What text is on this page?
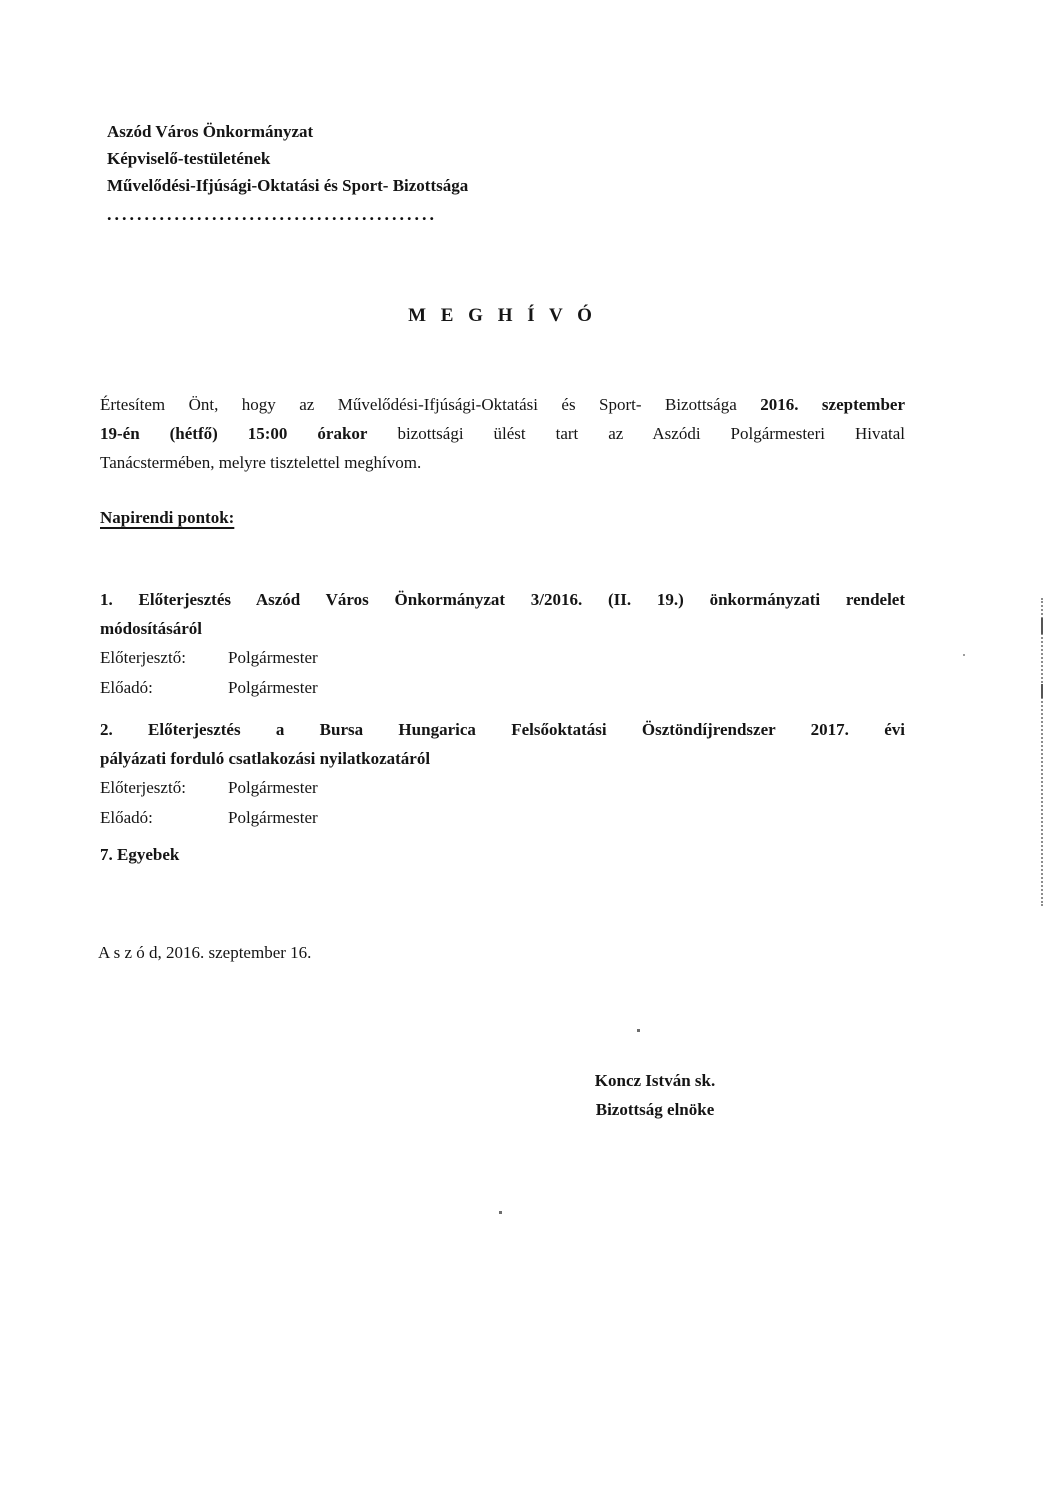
Aszód Város Önkormányzat
Képviselő-testületének
Művelődési-Ifjúsági-Oktatási és Sport- Bizottsága
............................................
M E G H Í V Ó
Értesítem Önt, hogy az Művelődési-Ifjúsági-Oktatási és Sport- Bizottsága 2016. szeptember
19-én (hétfő) 15:00 órakor bizottsági ülést tart az Aszódi Polgármesteri Hivatal
Tanácstermében, melyre tisztelettel meghívom.
Napirendi pontok:
1. Előterjesztés Aszód Város Önkormányzat 3/2016. (II. 19.) önkormányzati rendelet
módosításáról
Előterjesztő: Polgármester
Előadó:	Polgármester
2. Előterjesztés a Bursa Hungarica Felsőoktatási Ösztöndíjrendszer 2017. évi
pályázati forduló csatlakozási nyilatkozatáról
Előterjesztő: Polgármester
Előadó:	Polgármester
7. Egyebek
A s z ó d, 2016. szeptember 16.
Koncz István sk.
Bizottság elnöke
